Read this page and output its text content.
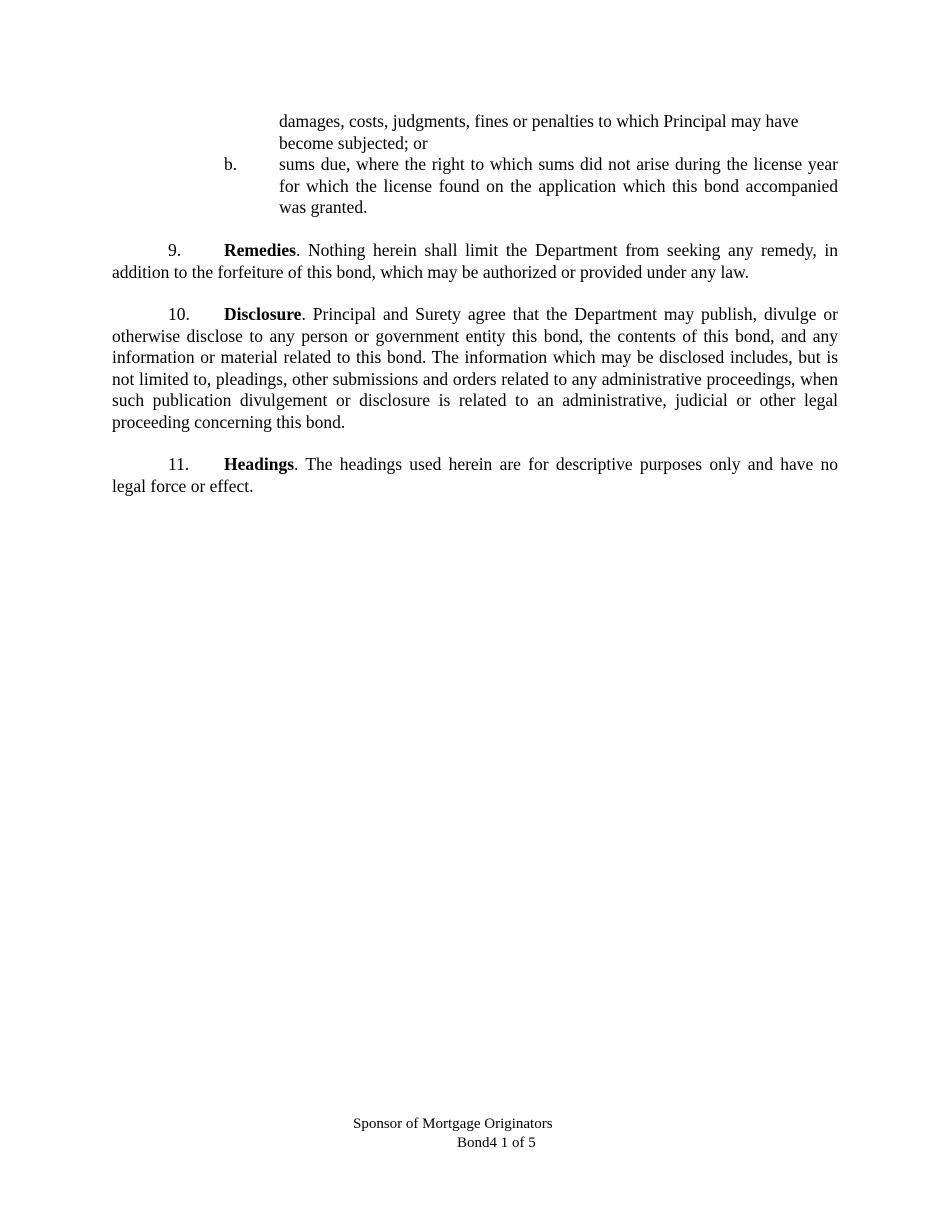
damages, costs, judgments, fines or penalties to which Principal may have become subjected; or
b. sums due, where the right to which sums did not arise during the license year for which the license found on the application which this bond accompanied was granted.
9. Remedies. Nothing herein shall limit the Department from seeking any remedy, in addition to the forfeiture of this bond, which may be authorized or provided under any law.
10. Disclosure. Principal and Surety agree that the Department may publish, divulge or otherwise disclose to any person or government entity this bond, the contents of this bond, and any information or material related to this bond. The information which may be disclosed includes, but is not limited to, pleadings, other submissions and orders related to any administrative proceedings, when such publication divulgement or disclosure is related to an administrative, judicial or other legal proceeding concerning this bond.
11. Headings. The headings used herein are for descriptive purposes only and have no legal force or effect.
Sponsor of Mortgage Originators
Bond4 1 of 5
